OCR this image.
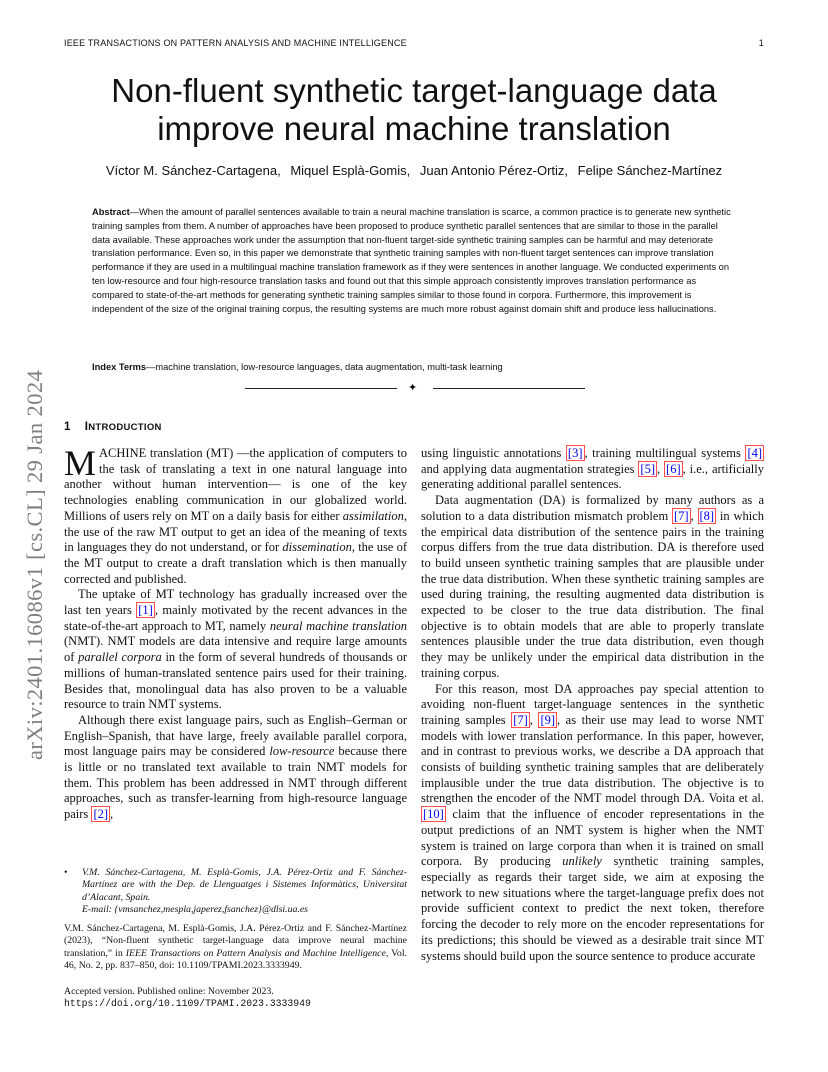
IEEE TRANSACTIONS ON PATTERN ANALYSIS AND MACHINE INTELLIGENCE	1
arXiv:2401.16086v1 [cs.CL] 29 Jan 2024
Non-fluent synthetic target-language data
improve neural machine translation

Víctor M. Sánchez-Cartagena, Miquel Esplà-Gomis, Juan Antonio Pérez-Ortiz, Felipe Sánchez-Martínez

Abstract—When the amount of parallel sentences available to train a neural machine translation is scarce, a common practice is to generate new synthetic training samples from them. A number of approaches have been proposed to produce synthetic parallel sentences that are similar to those in the parallel data available. These approaches work under the assumption that non-fluent target-side synthetic training samples can be harmful and may deteriorate translation performance. Even so, in this paper we demonstrate that synthetic training samples with non-fluent target sentences can improve translation performance if they are used in a multilingual machine translation framework as if they were sentences in another language. We conducted experiments on ten low-resource and four high-resource translation tasks and found out that this simple approach consistently improves translation performance as compared to state-of-the-art methods for generating synthetic training samples similar to those found in corpora. Furthermore, this improvement is independent of the size of the original training corpus, the resulting systems are much more robust against domain shift and produce less hallucinations.

Index Terms—machine translation, low-resource languages, data augmentation, multi-task learning

✦
1 INTRODUCTION

MACHINE translation (MT) —the application of computers to the task of translating a text in one natural language into another without human intervention— is one of the key technologies enabling communication in our globalized world. Millions of users rely on MT on a daily basis for either assimilation, the use of the raw MT output to get an idea of the meaning of texts in languages they do not understand, or for dissemination, the use of the MT output to create a draft translation which is then manually corrected and published.

The uptake of MT technology has gradually increased over the last ten years [1] , mainly motivated by the recent advances in the state-of-the-art approach to MT, namely neural machine translation (NMT). NMT models are data intensive and require large amounts of parallel corpora in the form of several hundreds of thousands or millions of human-translated sentence pairs used for their training. Besides that, monolingual data has also proven to be a valuable resource to train NMT systems.

Although there exist language pairs, such as English–German or English–Spanish, that have large, freely available parallel corpora, most language pairs may be considered low-resource because there is little or no translated text available to train NMT models for them. This problem has been addressed in NMT through different approaches, such as transfer-learning from high-resource language pairs [2] ,

using linguistic annotations [3] , training multilingual systems [4] and applying data augmentation strategies [5] , [6] , i.e., artificially generating additional parallel sentences.

Data augmentation (DA) is formalized by many authors as a solution to a data distribution mismatch problem [7] , [8] in which the empirical data distribution of the sentence pairs in the training corpus differs from the true data distribution. DA is therefore used to build unseen synthetic training samples that are plausible under the true data distribution. When these synthetic training samples are used during training, the resulting augmented data distribution is expected to be closer to the true data distribution. The final objective is to obtain models that are able to properly translate sentences plausible under the true data distribution, even though they may be unlikely under the empirical data distribution in the training corpus.

For this reason, most DA approaches pay special attention to avoiding non-fluent target-language sentences in the synthetic training samples [7] , [9] , as their use may lead to worse NMT models with lower translation performance. In this paper, however, and in contrast to previous works, we describe a DA approach that consists of building synthetic training samples that are deliberately implausible under the true data distribution. The objective is to strengthen the encoder of the NMT model through DA. Voita et al. [10] claim that the influence of encoder representations in the output predictions of an NMT system is higher when the NMT system is trained on large corpora than when it is trained on small corpora. By producing unlikely synthetic training samples, especially as regards their target side, we aim at exposing the network to new situations where the target-language prefix does not provide sufficient context to predict the next token, therefore forcing the decoder to rely more on the encoder representations for its predictions; this should be viewed as a desirable trait since MT systems should build upon the source sentence to produce accurate

• V.M. Sánchez-Cartagena, M. Esplà-Gomis, J.A. Pérez-Ortiz and F. Sánchez-Martínez are with the Dep. de Llenguatges i Sistemes Informàtics, Universitat d’Alacant, Spain.
E-mail: {vmsanchez,mespla,japerez,fsanchez}@dlsi.ua.es

V.M. Sánchez-Cartagena, M. Esplà-Gomis, J.A. Pérez-Ortiz and F. Sánchez-Martínez (2023), “Non-fluent synthetic target-language data improve neural machine translation,” in IEEE Transactions on Pattern Analysis and Machine Intelligence, Vol. 46, No. 2, pp. 837–850, doi: 10.1109/TPAMI.2023.3333949.

Accepted version. Published online: November 2023.

https://doi.org/10.1109/TPAMI.2023.3333949
